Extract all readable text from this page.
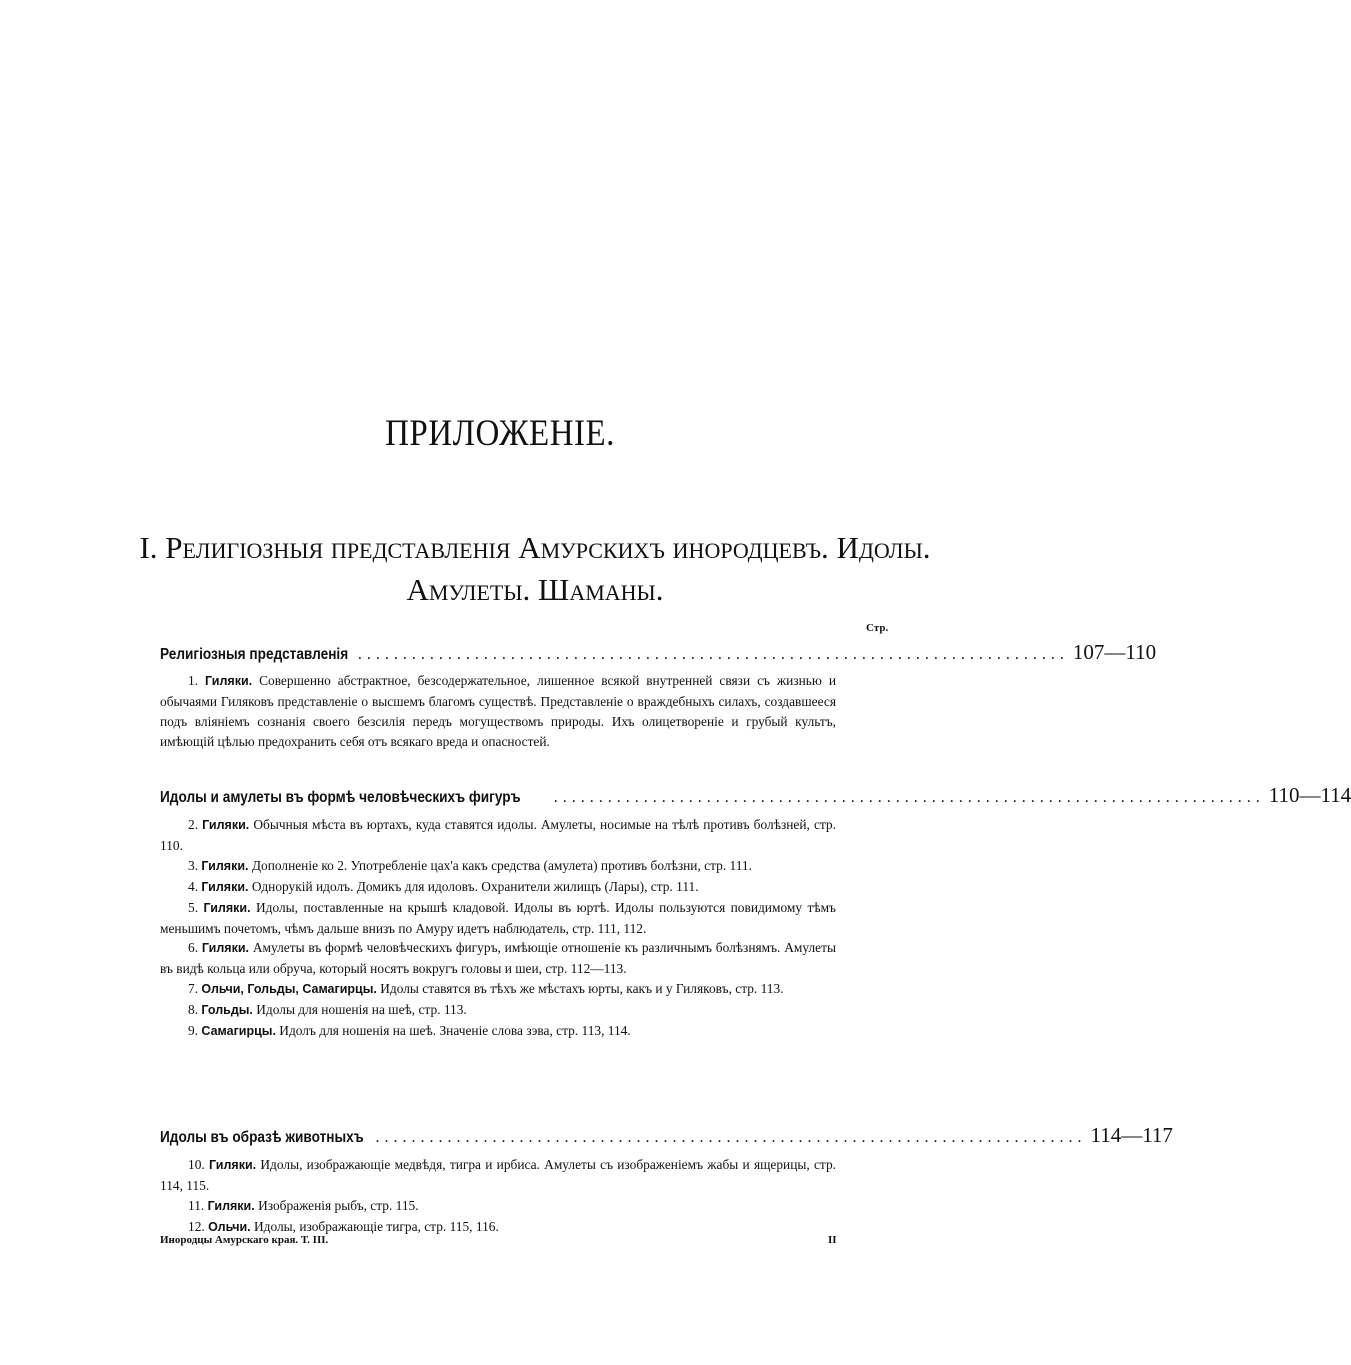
ПРИЛОЖЕНІЕ.
I. Религіозныя представленія Амурскихъ инородцевъ. Идолы.
Амулеты. Шаманы.
Стр.
Религіозныя представленія ............................................................................... 107—110

1. Гиляки. Совершенно абстрактное, безсодержательное, лишенное всякой внутренней связи съ жизнью и обычаями Гиляковъ представленіе о высшемъ благомъ существѣ. Представленіе о враждебныхъ силахъ, создавшееся подъ вліяніемъ сознанія своего безсилія передъ могуществомъ природы. Ихъ олицетвореніе и грубый культъ, имѣющій цѣлью предохранить себя отъ всякаго вреда и опасностей.

Идолы и амулеты въ формѣ человѣческихъ фигуръ ............................................................................... 110—114

2. Гиляки. Обычныя мѣста въ юртахъ, куда ставятся идолы. Амулеты, носимые на тѣлѣ противъ болѣзней, стр. 110.

3. Гиляки. Дополненіе ко 2. Употребленіе цах'а какъ средства (амулета) противъ болѣзни, стр. 111.

4. Гиляки. Однорукій идолъ. Домикъ для идоловъ. Охранители жилищъ (Лары), стр. 111.

5. Гиляки. Идолы, поставленные на крышѣ кладовой. Идолы въ юртѣ. Идолы пользуются повидимому тѣмъ меньшимъ почетомъ, чѣмъ дальше внизъ по Амуру идетъ наблюдатель, стр. 111, 112.

6. Гиляки. Амулеты въ формѣ человѣческихъ фигуръ, имѣющіе отношеніе къ различнымъ болѣзнямъ. Амулеты въ видѣ кольца или обруча, который носятъ вокругъ головы и шеи, стр. 112—113.

7. Ольчи, Гольды, Самагирцы. Идолы ставятся въ тѣхъ же мѣстахъ юрты, какъ и у Гиляковъ, стр. 113.

8. Гольды. Идолы для ношенія на шеѣ, стр. 113.

9. Самагирцы. Идолъ для ношенія на шеѣ. Значеніе слова зэва, стр. 113, 114.

Идолы въ образѣ животныхъ ............................................................................... 114—117

10. Гиляки. Идолы, изображающіе медвѣдя, тигра и ирбиса. Амулеты съ изображеніемъ жабы и ящерицы, стр. 114, 115.

11. Гиляки. Изображенія рыбъ, стр. 115.

12. Ольчи. Идолы, изображающіе тигра, стр. 115, 116.

Инородцы Амурскаго края. Т. III.	II
